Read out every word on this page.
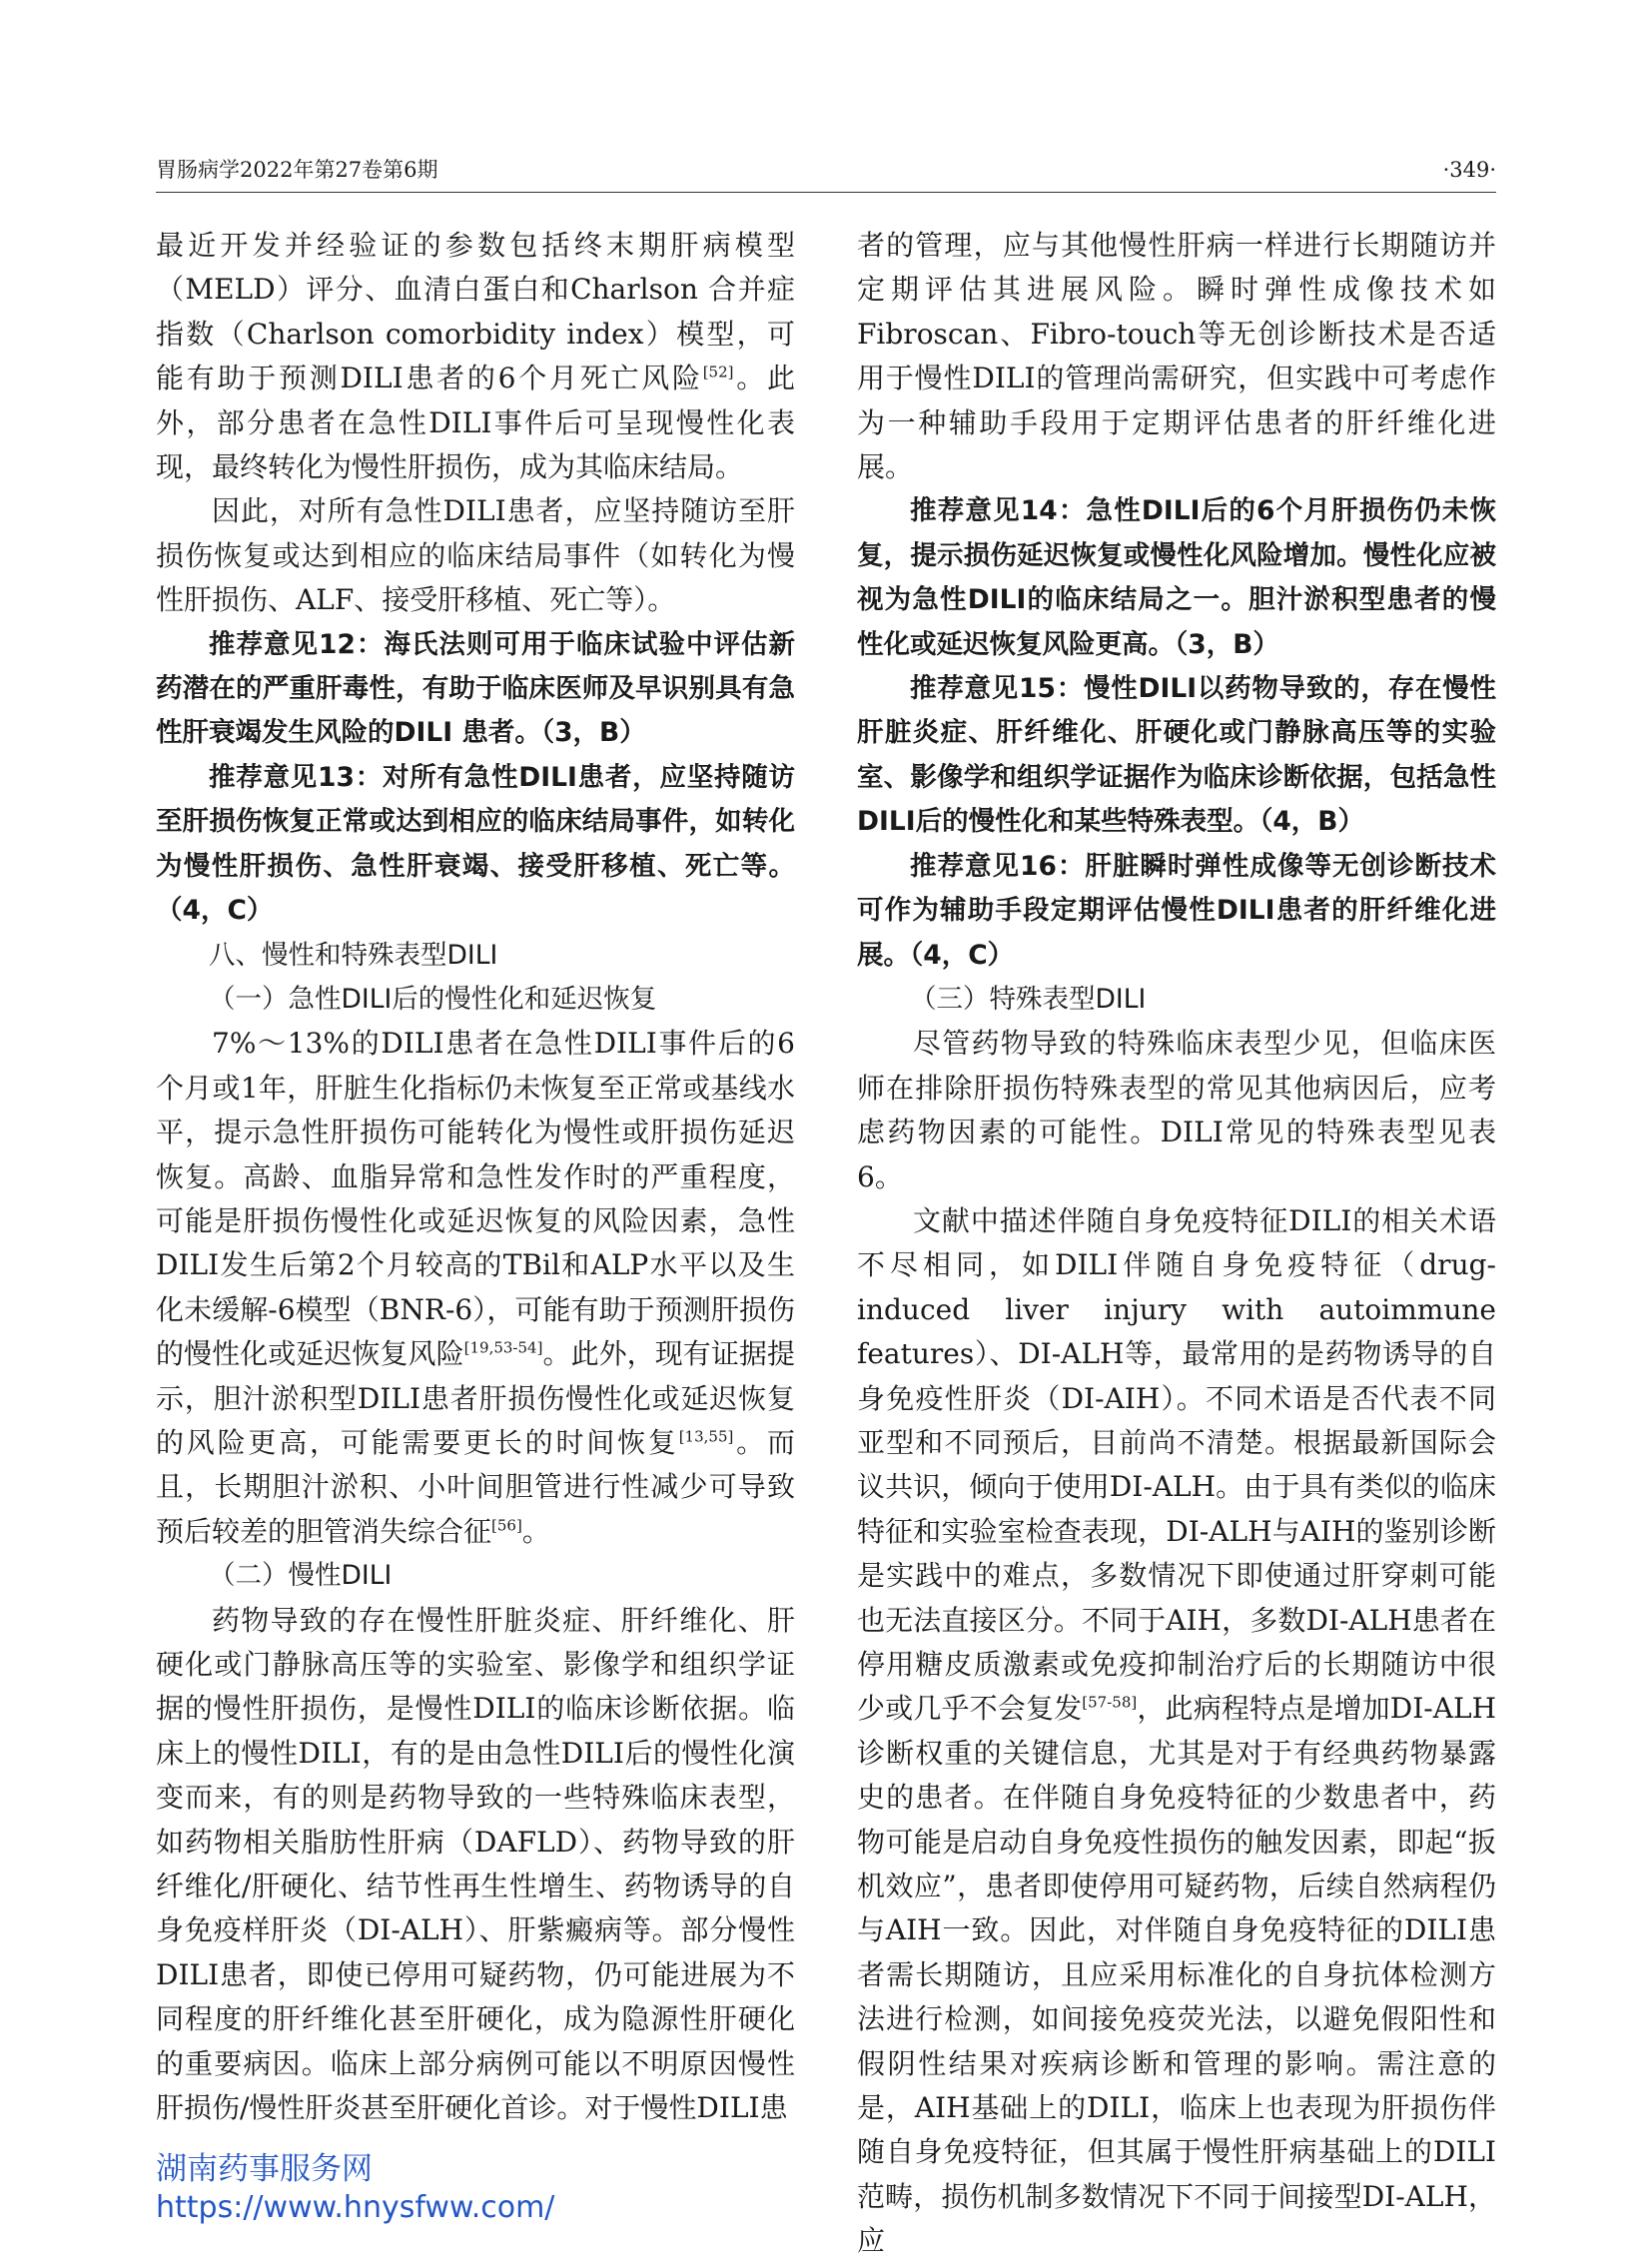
胃肠病学2022年第27卷第6期	·349·

最近开发并经验证的参数包括终末期肝病模型（MELD）评分、血清白蛋白和Charlson 合并症指数（Charlson comorbidity index）模型，可能有助于预测DILI患者的6个月死亡风险[52]。此外，部分患者在急性DILI事件后可呈现慢性化表现，最终转化为慢性肝损伤，成为其临床结局。

因此，对所有急性DILI患者，应坚持随访至肝损伤恢复或达到相应的临床结局事件（如转化为慢性肝损伤、ALF、接受肝移植、死亡等）。

推荐意见12：海氏法则可用于临床试验中评估新药潜在的严重肝毒性，有助于临床医师及早识别具有急性肝衰竭发生风险的DILI 患者。（3，B）

推荐意见13：对所有急性DILI患者，应坚持随访至肝损伤恢复正常或达到相应的临床结局事件，如转化为慢性肝损伤、急性肝衰竭、接受肝移植、死亡等。（4，C）

八、慢性和特殊表型DILI

（一）急性DILI后的慢性化和延迟恢复

7%～13%的DILI患者在急性DILI事件后的6个月或1年，肝脏生化指标仍未恢复至正常或基线水平，提示急性肝损伤可能转化为慢性或肝损伤延迟恢复。高龄、血脂异常和急性发作时的严重程度，可能是肝损伤慢性化或延迟恢复的风险因素，急性DILI发生后第2个月较高的TBil和ALP水平以及生化未缓解-6模型（BNR-6），可能有助于预测肝损伤的慢性化或延迟恢复风险[19,53-54]。此外，现有证据提示，胆汁淤积型DILI患者肝损伤慢性化或延迟恢复的风险更高，可能需要更长的时间恢复[13,55]。而且，长期胆汁淤积、小叶间胆管进行性减少可导致预后较差的胆管消失综合征[56]。

（二）慢性DILI

药物导致的存在慢性肝脏炎症、肝纤维化、肝硬化或门静脉高压等的实验室、影像学和组织学证据的慢性肝损伤，是慢性DILI的临床诊断依据。临床上的慢性DILI，有的是由急性DILI后的慢性化演变而来，有的则是药物导致的一些特殊临床表型，如药物相关脂肪性肝病（DAFLD）、药物导致的肝纤维化/肝硬化、结节性再生性增生、药物诱导的自身免疫样肝炎（DI-ALH）、肝紫癜病等。部分慢性DILI患者，即使已停用可疑药物，仍可能进展为不同程度的肝纤维化甚至肝硬化，成为隐源性肝硬化的重要病因。临床上部分病例可能以不明原因慢性肝损伤/慢性肝炎甚至肝硬化首诊。对于慢性DILI患

者的管理，应与其他慢性肝病一样进行长期随访并定期评估其进展风险。瞬时弹性成像技术如Fibroscan、Fibro-touch等无创诊断技术是否适用于慢性DILI的管理尚需研究，但实践中可考虑作为一种辅助手段用于定期评估患者的肝纤维化进展。

推荐意见14：急性DILI后的6个月肝损伤仍未恢复，提示损伤延迟恢复或慢性化风险增加。慢性化应被视为急性DILI的临床结局之一。胆汁淤积型患者的慢性化或延迟恢复风险更高。（3，B）

推荐意见15：慢性DILI以药物导致的，存在慢性肝脏炎症、肝纤维化、肝硬化或门静脉高压等的实验室、影像学和组织学证据作为临床诊断依据，包括急性DILI后的慢性化和某些特殊表型。（4，B）

推荐意见16：肝脏瞬时弹性成像等无创诊断技术可作为辅助手段定期评估慢性DILI患者的肝纤维化进展。（4，C）

（三）特殊表型DILI

尽管药物导致的特殊临床表型少见，但临床医师在排除肝损伤特殊表型的常见其他病因后，应考虑药物因素的可能性。DILI常见的特殊表型见表6。

文献中描述伴随自身免疫特征DILI的相关术语不尽相同，如DILI伴随自身免疫特征（drug-induced liver injury with autoimmune features）、DI-ALH等，最常用的是药物诱导的自身免疫性肝炎（DI-AIH）。不同术语是否代表不同亚型和不同预后，目前尚不清楚。根据最新国际会议共识，倾向于使用DI-ALH。由于具有类似的临床特征和实验室检查表现，DI-ALH与AIH的鉴别诊断是实践中的难点，多数情况下即使通过肝穿刺可能也无法直接区分。不同于AIH，多数DI-ALH患者在停用糖皮质激素或免疫抑制治疗后的长期随访中很少或几乎不会复发[57-58]，此病程特点是增加DI-ALH诊断权重的关键信息，尤其是对于有经典药物暴露史的患者。在伴随自身免疫特征的少数患者中，药物可能是启动自身免疫性损伤的触发因素，即起“扳机效应”，患者即使停用可疑药物，后续自然病程仍与AIH一致。因此，对伴随自身免疫特征的DILI患者需长期随访，且应采用标准化的自身抗体检测方法进行检测，如间接免疫荧光法，以避免假阳性和假阴性结果对疾病诊断和管理的影响。需注意的是，AIH基础上的DILI，临床上也表现为肝损伤伴随自身免疫特征，但其属于慢性肝病基础上的DILI范畴，损伤机制多数情况下不同于间接型DI-ALH，应

湖南药事服务网
https://www.hnysfww.com/
